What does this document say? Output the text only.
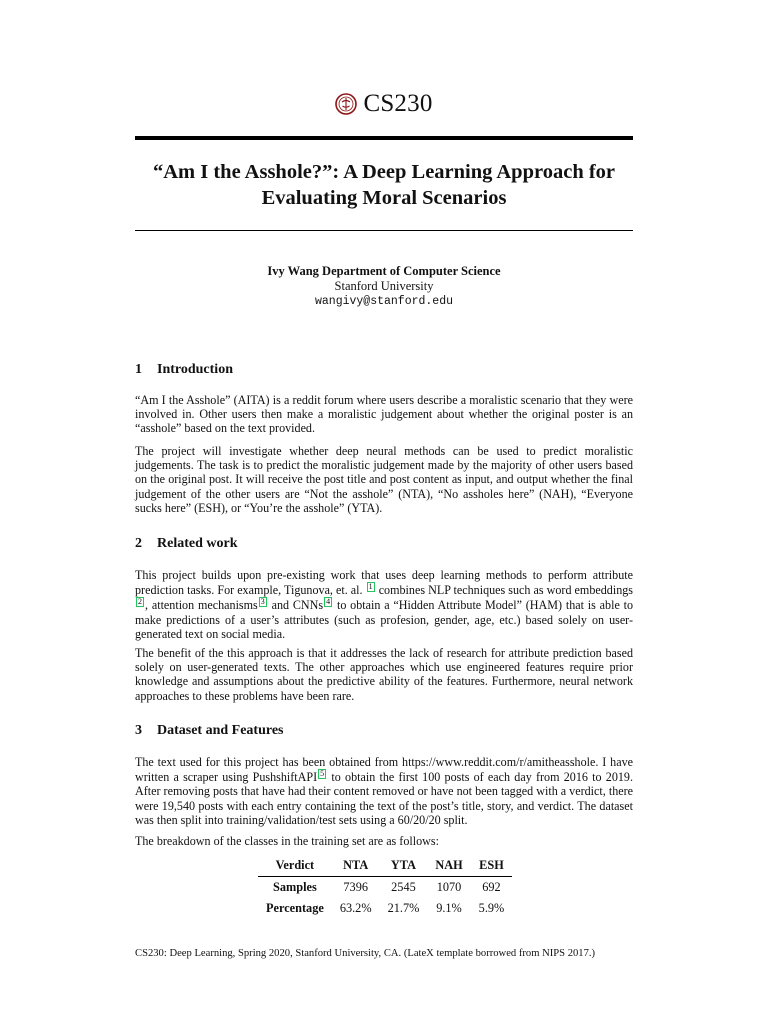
CS230
“Am I the Asshole?”: A Deep Learning Approach for
Evaluating Moral Scenarios
Ivy Wang Department of Computer Science
Stanford University
wangivy@stanford.edu
1 Introduction

“Am I the Asshole” (AITA) is a reddit forum where users describe a moralistic scenario that they were involved in. Other users then make a moralistic judgement about whether the original poster is an “asshole” based on the text provided.

The project will investigate whether deep neural methods can be used to predict moralistic judgements. The task is to predict the moralistic judgement made by the majority of other users based on the original post. It will receive the post title and post content as input, and output whether the final judgement of the other users are “Not the asshole” (NTA), “No assholes here” (NAH), “Everyone sucks here” (ESH), or “You’re the asshole” (YTA).

2 Related work

This project builds upon pre-existing work that uses deep learning methods to perform attribute prediction tasks. For example, Tigunova, et. al. 1 combines NLP techniques such as word embeddings2 , attention mechanisms 3 and CNNs 4 to obtain a “Hidden Attribute Model” (HAM) that is able to make predictions of a user’s attributes (such as profesion, gender, age, etc.) based solely on user-generated text on social media.

The benefit of the this approach is that it addresses the lack of research for attribute prediction based solely on user-generated texts. The other approaches which use engineered features require prior knowledge and assumptions about the predictive ability of the features. Furthermore, neural network approaches to these problems have been rare.

3 Dataset and Features

The text used for this project has been obtained from https://www.reddit.com/r/amitheasshole. I have written a scraper using PushshiftAPI 5 to obtain the first 100 posts of each day from 2016 to 2019. After removing posts that have had their content removed or have not been tagged with a verdict, there were 19,540 posts with each entry containing the text of the post’s title, story, and verdict. The dataset was then split into training/validation/test sets using a 60/20/20 split.

The breakdown of the classes in the training set are as follows:

Verdict	NTA	YTA	NAH	ESH
Samples	7396	2545	1070	692
Percentage	63.2%	21.7%	9.1%	5.9%
CS230: Deep Learning, Spring 2020, Stanford University, CA. (LateX template borrowed from NIPS 2017.)
